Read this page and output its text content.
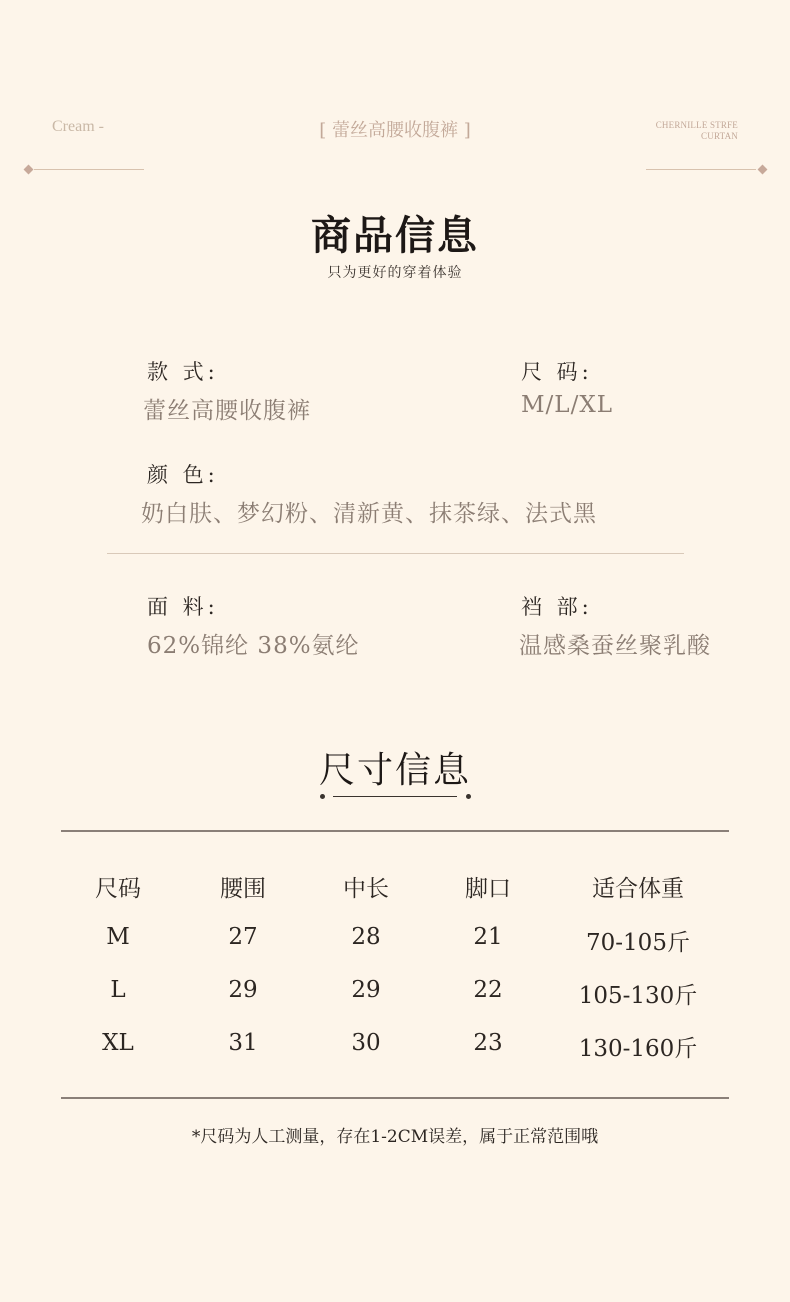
Cream -	[ 蕾丝高腰收腹裤 ]	CHERNILLE STRFE
CURTAN
商品信息
只为更好的穿着体验
款 式:
蕾丝高腰收腹裤
尺 码:
M/L/XL
颜 色:
奶白肤、梦幻粉、清新黄、抹茶绿、法式黑
面 料:
62%锦纶 38%氨纶
裆 部:
温感桑蚕丝聚乳酸
尺寸信息
尺码	腰围	中长	脚口	适合体重
M	27	28	21	70-105斤
L	29	29	22	105-130斤
XL	31	30	23	130-160斤
*尺码为人工测量，存在1-2CM误差，属于正常范围哦
